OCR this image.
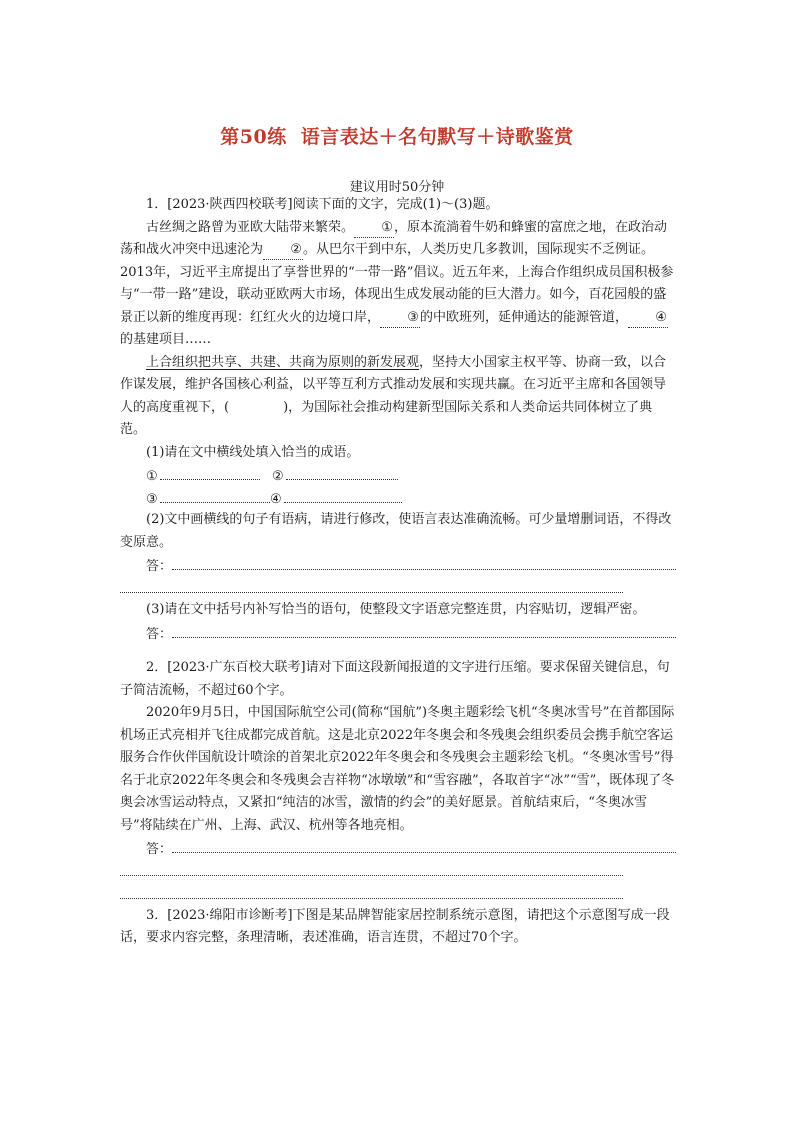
第50练 语言表达＋名句默写＋诗歌鉴赏
建议用时50分钟

1．[2023·陕西四校联考]阅读下面的文字，完成(1)～(3)题。

古丝绸之路曾为亚欧大陆带来繁荣。 ①，原本流淌着牛奶和蜂蜜的富庶之地，在政治动荡和战火冲突中迅速沦为 ②。从巴尔干到中东，人类历史几多教训，国际现实不乏例证。2013年，习近平主席提出了享誉世界的“一带一路”倡议。近五年来，上海合作组织成员国积极参与“一带一路”建设，联动亚欧两大市场，体现出生成发展动能的巨大潜力。如今，百花园般的盛景正以新的维度再现：红红火火的边境口岸， ③的中欧班列，延伸通达的能源管道， ④的基建项目……

上合组织把共享、共建、共商为原则的新发展观，坚持大小国家主权平等、协商一致，以合作谋发展，维护各国核心利益，以平等互利方式推动发展和实现共赢。在习近平主席和各国领导人的高度重视下，(	)，为国际社会推动构建新型国际关系和人类命运共同体树立了典范。

(1)请在文中横线处填入恰当的成语。

①	②
③	④

(2)文中画横线的句子有语病，请进行修改，使语言表达准确流畅。可少量增删词语，不得改变原意。

答：

(3)请在文中括号内补写恰当的语句，使整段文字语意完整连贯，内容贴切，逻辑严密。

答：

2．[2023·广东百校大联考]请对下面这段新闻报道的文字进行压缩。要求保留关键信息，句子简洁流畅，不超过60个字。

2020年9月5日，中国国际航空公司(简称“国航”)冬奥主题彩绘飞机“冬奥冰雪号”在首都国际机场正式亮相并飞往成都完成首航。这是北京2022年冬奥会和冬残奥会组织委员会携手航空客运服务合作伙伴国航设计喷涂的首架北京2022年冬奥会和冬残奥会主题彩绘飞机。“冬奥冰雪号”得名于北京2022年冬奥会和冬残奥会吉祥物“冰墩墩”和“雪容融”，各取首字“冰”“雪”，既体现了冬奥会冰雪运动特点，又紧扣“纯洁的冰雪，激情的约会”的美好愿景。首航结束后，“冬奥冰雪号”将陆续在广州、上海、武汉、杭州等各地亮相。

答：

3．[2023·绵阳市诊断考]下图是某品牌智能家居控制系统示意图，请把这个示意图写成一段话，要求内容完整，条理清晰，表述准确，语言连贯，不超过70个字。
